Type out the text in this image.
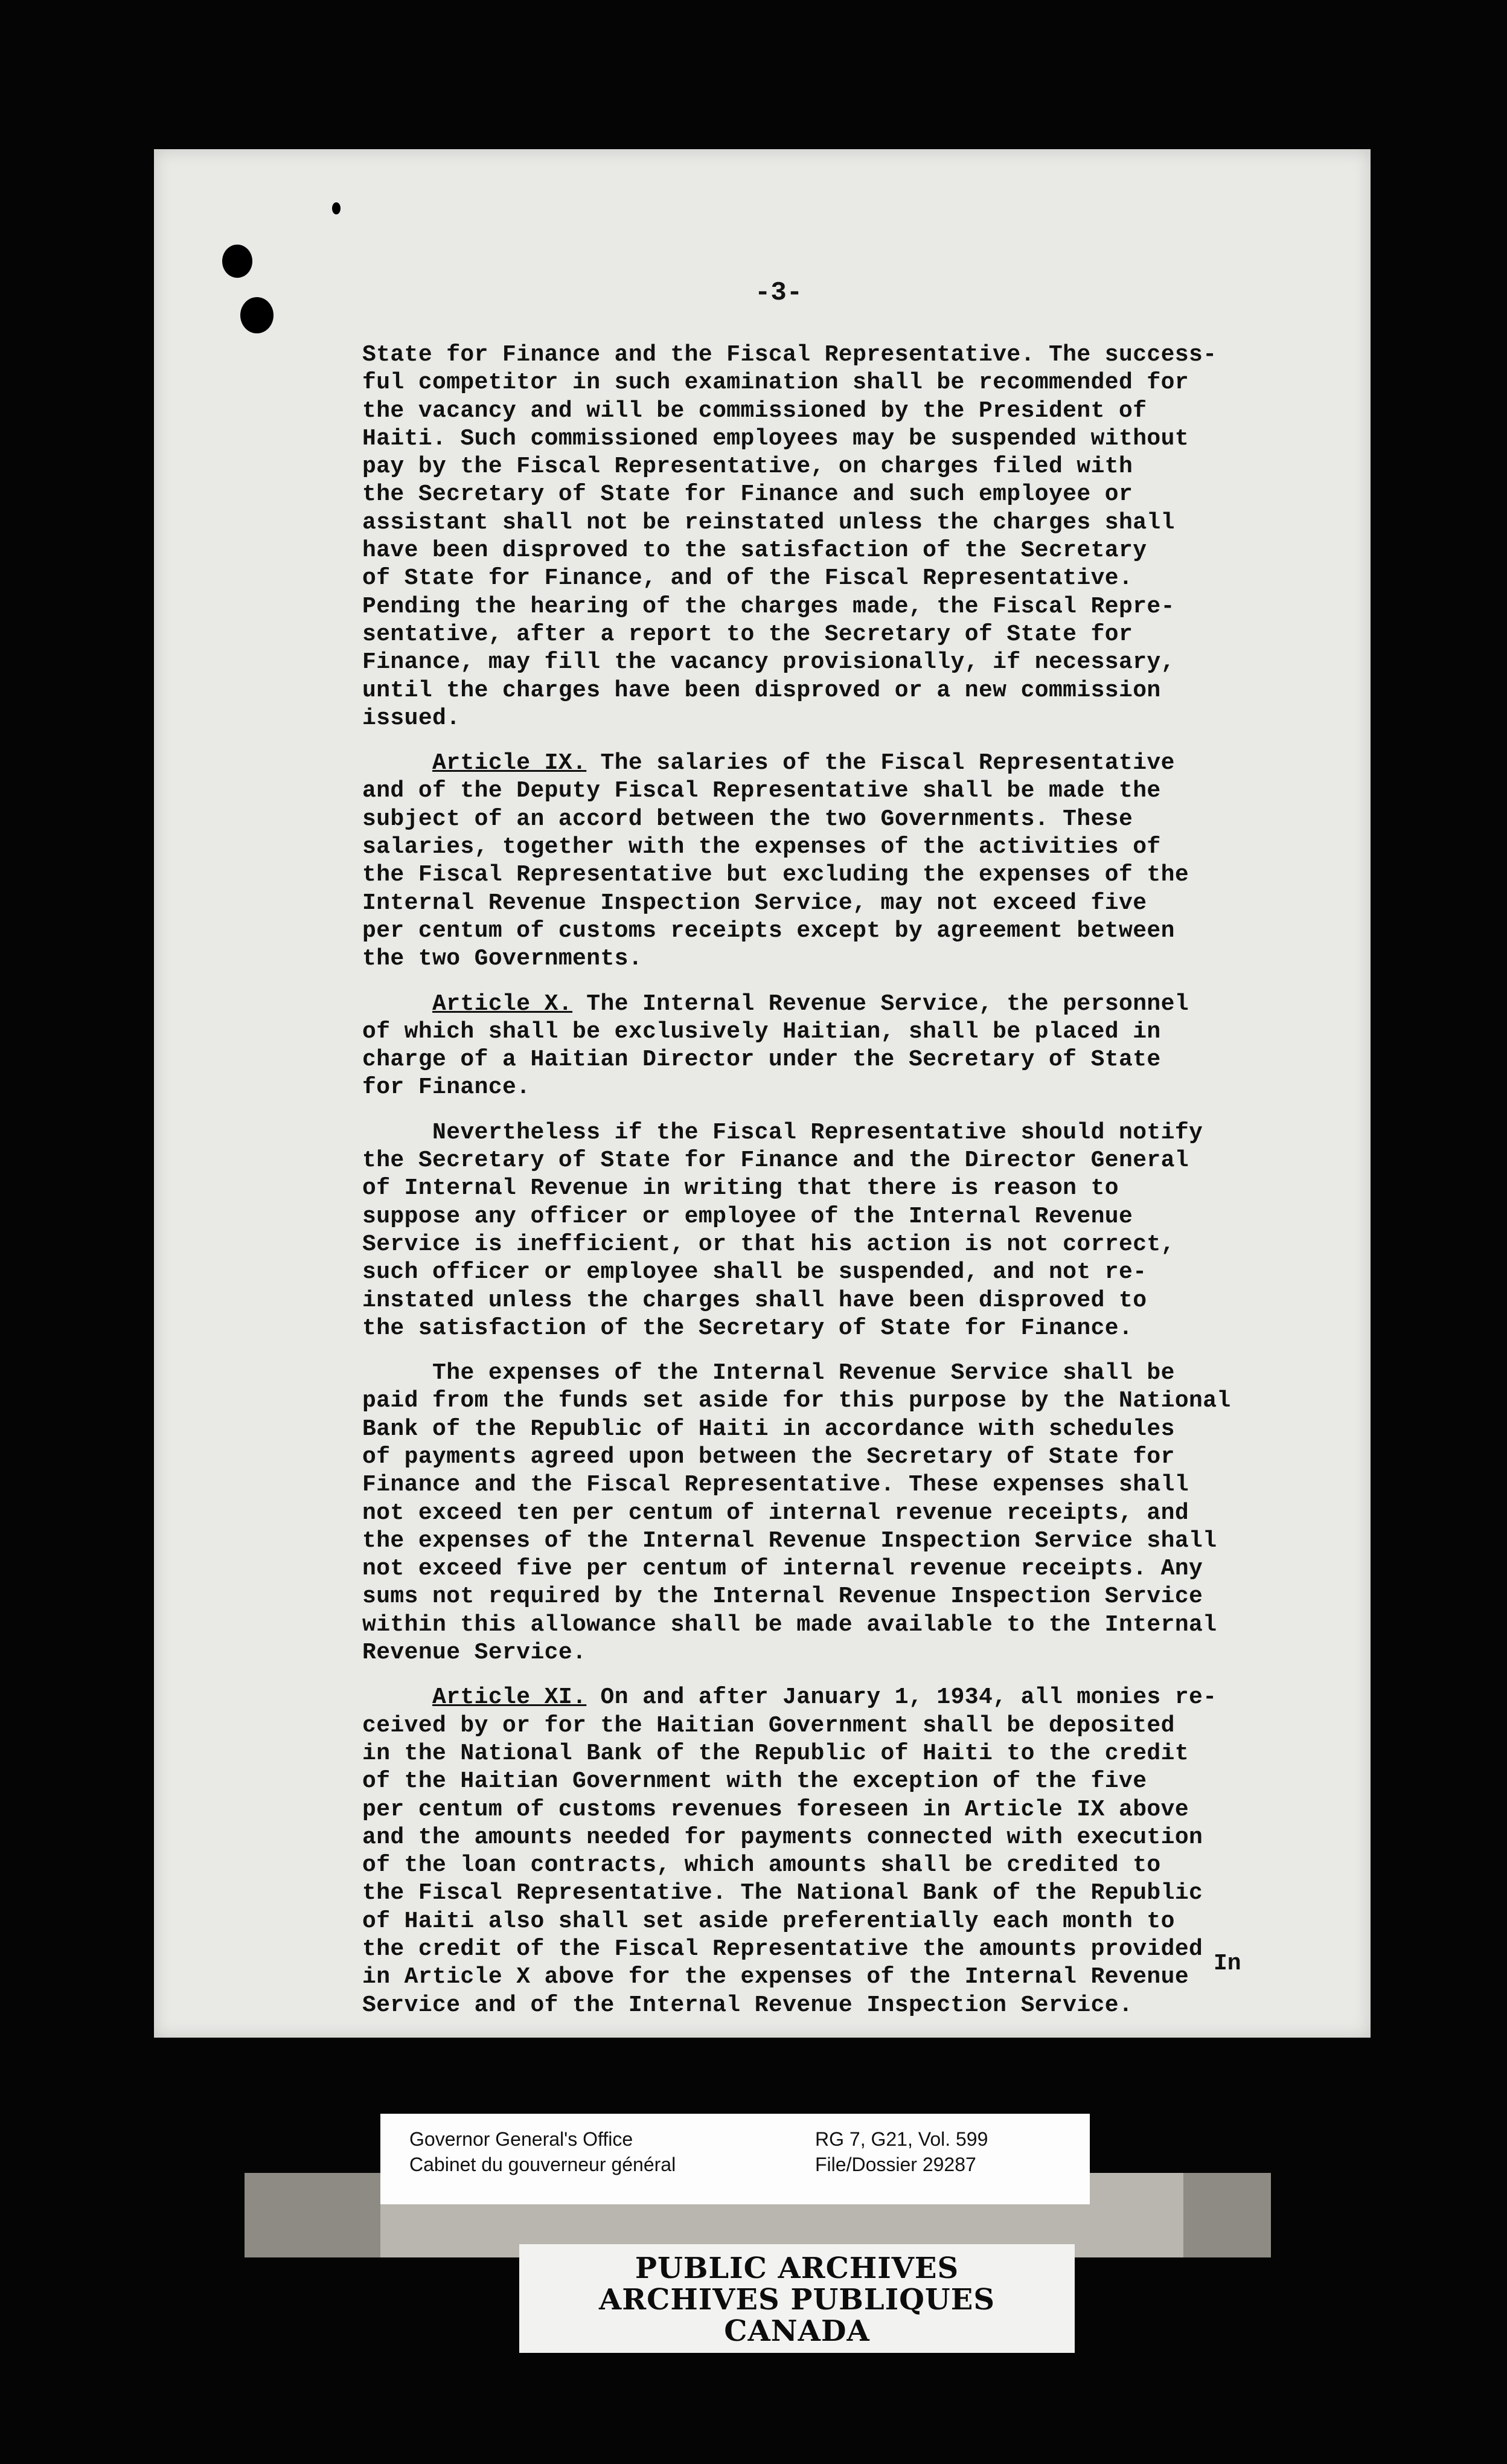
-3-
State for Finance and the Fiscal Representative. The success-
ful competitor in such examination shall be recommended for
the vacancy and will be commissioned by the President of
Haiti. Such commissioned employees may be suspended without
pay by the Fiscal Representative, on charges filed with
the Secretary of State for Finance and such employee or
assistant shall not be reinstated unless the charges shall
have been disproved to the satisfaction of the Secretary
of State for Finance, and of the Fiscal Representative.
Pending the hearing of the charges made, the Fiscal Repre-
sentative, after a report to the Secretary of State for
Finance, may fill the vacancy provisionally, if necessary,
until the charges have been disproved or a new commission
issued.
Article IX. The salaries of the Fiscal Representative
and of the Deputy Fiscal Representative shall be made the
subject of an accord between the two Governments. These
salaries, together with the expenses of the activities of
the Fiscal Representative but excluding the expenses of the
Internal Revenue Inspection Service, may not exceed five
per centum of customs receipts except by agreement between
the two Governments.
Article X. The Internal Revenue Service, the personnel
of which shall be exclusively Haitian, shall be placed in
charge of a Haitian Director under the Secretary of State
for Finance.
Nevertheless if the Fiscal Representative should notify
the Secretary of State for Finance and the Director General
of Internal Revenue in writing that there is reason to
suppose any officer or employee of the Internal Revenue
Service is inefficient, or that his action is not correct,
such officer or employee shall be suspended, and not re-
instated unless the charges shall have been disproved to
the satisfaction of the Secretary of State for Finance.
The expenses of the Internal Revenue Service shall be
paid from the funds set aside for this purpose by the National
Bank of the Republic of Haiti in accordance with schedules
of payments agreed upon between the Secretary of State for
Finance and the Fiscal Representative. These expenses shall
not exceed ten per centum of internal revenue receipts, and
the expenses of the Internal Revenue Inspection Service shall
not exceed five per centum of internal revenue receipts. Any
sums not required by the Internal Revenue Inspection Service
within this allowance shall be made available to the Internal
Revenue Service.
Article XI. On and after January 1, 1934, all monies re-
ceived by or for the Haitian Government shall be deposited
in the National Bank of the Republic of Haiti to the credit
of the Haitian Government with the exception of the five
per centum of customs revenues foreseen in Article IX above
and the amounts needed for payments connected with execution
of the loan contracts, which amounts shall be credited to
the Fiscal Representative. The National Bank of the Republic
of Haiti also shall set aside preferentially each month to
the credit of the Fiscal Representative the amounts provided
in Article X above for the expenses of the Internal Revenue
Service and of the Internal Revenue Inspection Service.
In
Governor General's Office
Cabinet du gouverneur général
RG 7, G21, Vol. 599
File/Dossier 29287
PUBLIC ARCHIVES
ARCHIVES PUBLIQUES
CANADA
